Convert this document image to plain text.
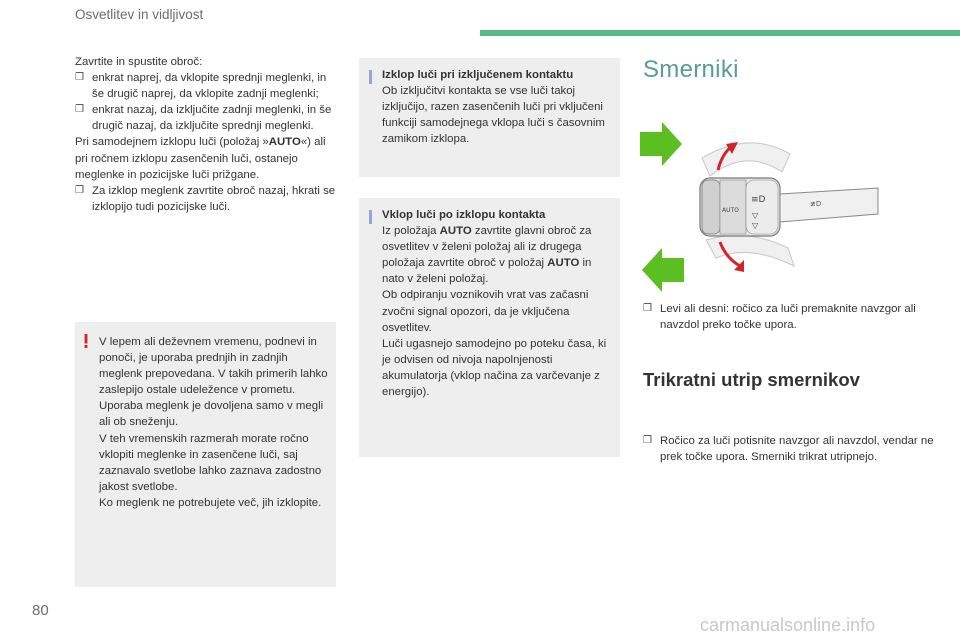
Osvetlitev in vidljivost

Zavrtite in spustite obroč:

❐ enkrat naprej, da vklopite sprednji meglenki, in še drugič naprej, da vklopite zadnji meglenki;
❐ enkrat nazaj, da izključite zadnji meglenki, in še drugič nazaj, da izključite sprednji meglenki.

Pri samodejnem izklopu luči (položaj »AUTO«) ali pri ročnem izklopu zasenčenih luči, ostanejo meglenke in pozicijske luči prižgane.

❐ Za izklop meglenk zavrtite obroč nazaj, hkrati se izklopijo tudi pozicijske luči.
V lepem ali deževnem vremenu, podnevi in ponoči, je uporaba prednjih in zadnjih meglenk prepovedana. V takih primerih lahko zaslepijo ostale udeležence v prometu. Uporaba meglenk je dovoljena samo v megli ali ob sneženju.
V teh vremenskih razmerah morate ročno vklopiti meglenke in zasenčene luči, saj zaznavalo svetlobe lahko zaznava zadostno jakost svetlobe.
Ko meglenk ne potrebujete več, jih izklopite.

Izklop luči pri izključenem kontaktu

Ob izključitvi kontakta se vse luči takoj izključijo, razen zasenčenih luči pri vključeni funkciji samodejnega vklopa luči s časovnim zamikom izklopa.

Vklop luči po izklopu kontakta

Iz položaja AUTO zavrtite glavni obroč za osvetlitev v želeni položaj ali iz drugega položaja zavrtite obroč v položaj AUTO in nato v želeni položaj.

Ob odpiranju voznikovih vrat vas začasni zvočni signal opozori, da je vključena osvetlitev.

Luči ugasnejo samodejno po poteku časa, ki je odvisen od nivoja napolnjenosti akumulatorja (vklop načina za varčevanje z energijo).

Smerniki
AUTO
≡D	≢D
▽
▽
❐ Levi ali desni: ročico za luči premaknite navzgor ali navzdol preko točke upora.
Trikratni utrip smernikov
❐ Ročico za luči potisnite navzgor ali navzdol, vendar ne prek točke upora. Smerniki trikrat utripnejo.
80
carmanualsonline.info
